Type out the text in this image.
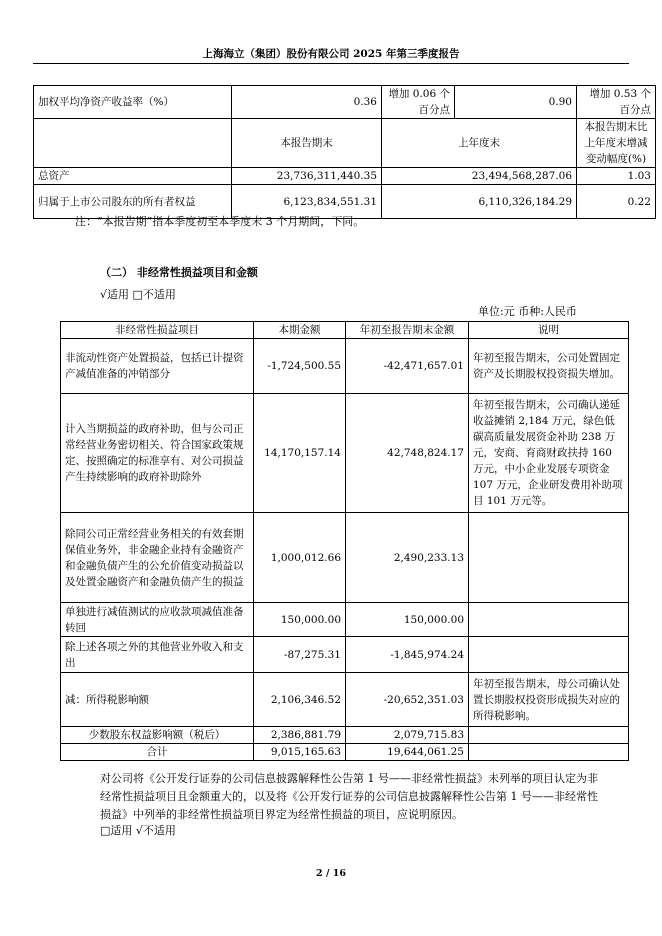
上海海立（集团）股份有限公司 2025 年第三季度报告
加权平均净资产收益率（%）	0.36	增加 0.06 个百分点	0.90	增加 0.53 个百分点
	本报告期末	上年度末		本报告期末比上年度末增减变动幅度(%)
总资产	23,736,311,440.35	23,494,568,287.06		1.03
归属于上市公司股东的所有者权益	6,123,834,551.31	6,110,326,184.29		0.22
注：“本报告期”指本季度初至本季度末 3 个月期间，下同。
（二） 非经常性损益项目和金额
√适用 □不适用
单位:元 币种:人民币
非经常性损益项目	本期金额	年初至报告期末金额	说明
非流动性资产处置损益，包括已计提资产减值准备的冲销部分	-1,724,500.55	-42,471,657.01	年初至报告期末，公司处置固定资产及长期股权投资损失增加。
计入当期损益的政府补助，但与公司正常经营业务密切相关、符合国家政策规定、按照确定的标准享有、对公司损益产生持续影响的政府补助除外	14,170,157.14	42,748,824.17	年初至报告期末，公司确认递延收益摊销 2,184 万元，绿色低碳高质量发展资金补助 238 万元，安商、育商财政扶持 160 万元，中小企业发展专项资金 107 万元，企业研发费用补助项目 101 万元等。
除同公司正常经营业务相关的有效套期保值业务外，非金融企业持有金融资产和金融负债产生的公允价值变动损益以及处置金融资产和金融负债产生的损益	1,000,012.66	2,490,233.13	
单独进行减值测试的应收款项减值准备转回	150,000.00	150,000.00	
除上述各项之外的其他营业外收入和支出	-87,275.31	-1,845,974.24	
减：所得税影响额	2,106,346.52	-20,652,351.03	年初至报告期末，母公司确认处置长期股权投资形成损失对应的所得税影响。
少数股东权益影响额（税后）	2,386,881.79	2,079,715.83	
合计	9,015,165.63	19,644,061.25	
对公司将《公开发行证券的公司信息披露解释性公告第 1 号——非经常性损益》未列举的项目认定为非经常性损益项目且金额重大的，以及将《公开发行证券的公司信息披露解释性公告第 1 号——非经常性损益》中列举的非经常性损益项目界定为经常性损益的项目，应说明原因。
□适用 √不适用
2 / 16
